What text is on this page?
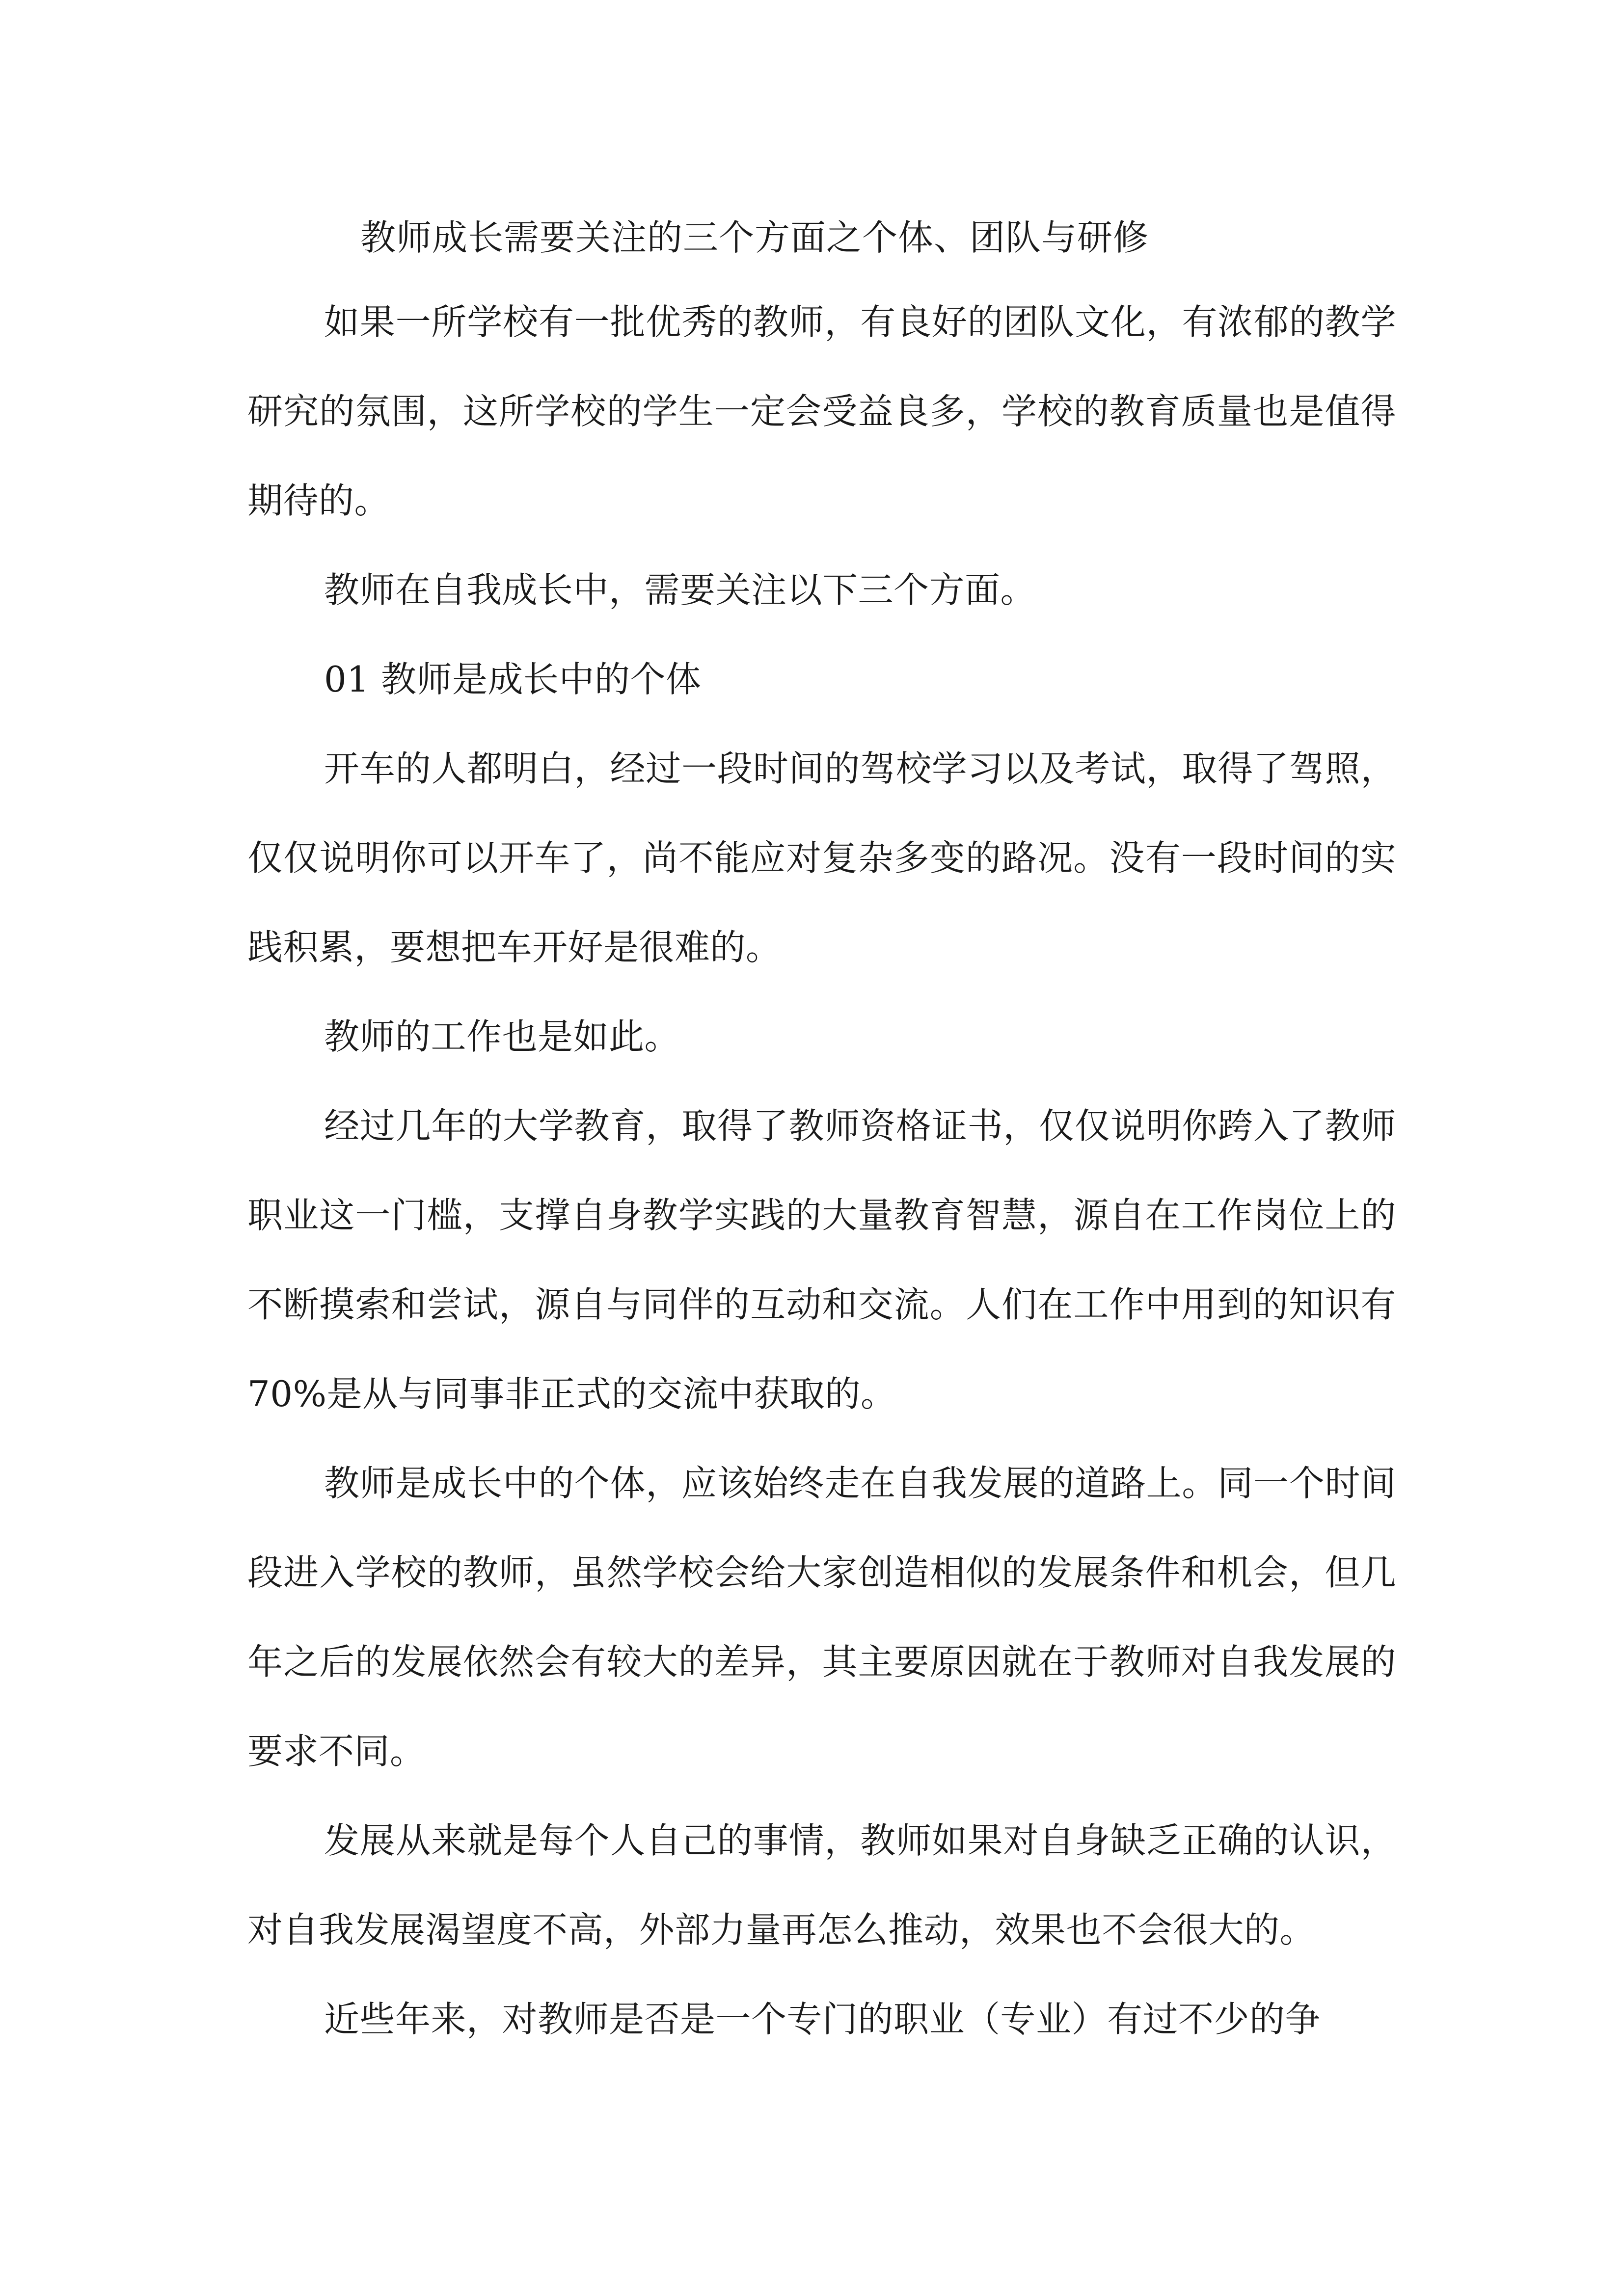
教师成长需要关注的三个方面之个体、团队与研修

如果一所学校有一批优秀的教师，有良好的团队文化，有浓郁的教学研究的氛围，这所学校的学生一定会受益良多，学校的教育质量也是值得期待的。

教师在自我成长中，需要关注以下三个方面。

01 教师是成长中的个体

开车的人都明白，经过一段时间的驾校学习以及考试，取得了驾照，仅仅说明你可以开车了，尚不能应对复杂多变的路况。没有一段时间的实践积累，要想把车开好是很难的。

教师的工作也是如此。

经过几年的大学教育，取得了教师资格证书，仅仅说明你跨入了教师职业这一门槛，支撑自身教学实践的大量教育智慧，源自在工作岗位上的不断摸索和尝试，源自与同伴的互动和交流。人们在工作中用到的知识有 70%是从与同事非正式的交流中获取的。

教师是成长中的个体，应该始终走在自我发展的道路上。同一个时间段进入学校的教师，虽然学校会给大家创造相似的发展条件和机会，但几年之后的发展依然会有较大的差异，其主要原因就在于教师对自我发展的要求不同。

发展从来就是每个人自己的事情，教师如果对自身缺乏正确的认识，对自我发展渴望度不高，外部力量再怎么推动，效果也不会很大的。

近些年来，对教师是否是一个专门的职业（专业）有过不少的争
